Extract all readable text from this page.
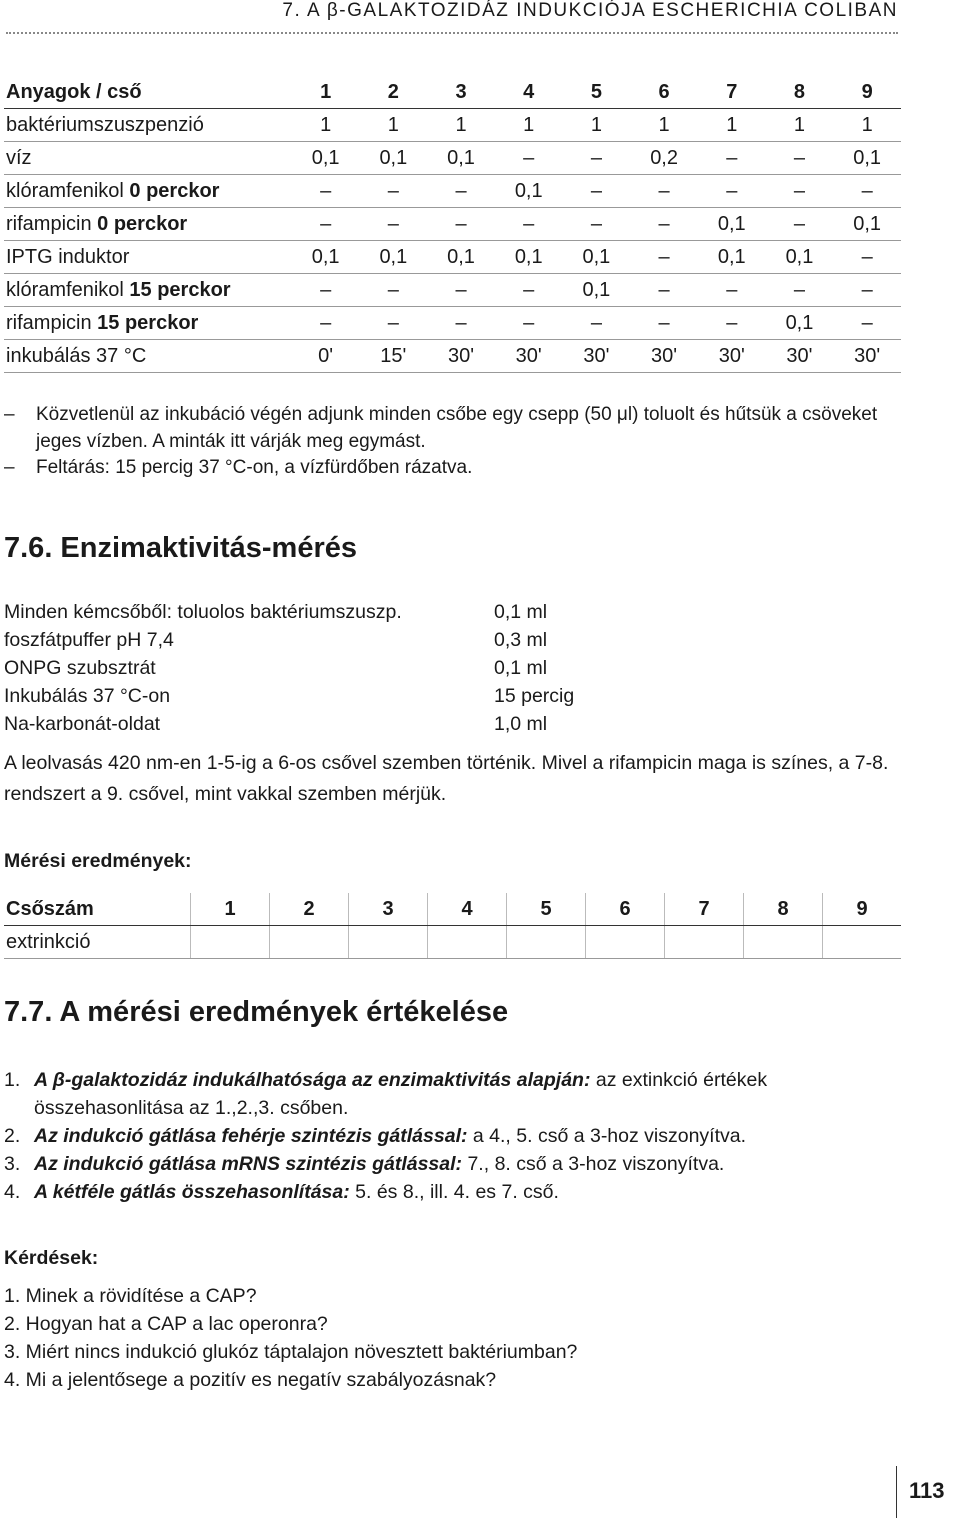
7. A β-GALAKTOZIDÁZ INDUKCIÓJA ESCHERICHIA COLIBAN
Anyagok / cső	1	2	3	4	5	6	7	8	9
baktériumszuszpenzió	1	1	1	1	1	1	1	1	1
víz	0,1	0,1	0,1	–	–	0,2	–	–	0,1
klóramfenikol 0 perckor	–	–	–	0,1	–	–	–	–	–
rifampicin 0 perckor	–	–	–	–	–	–	0,1	–	0,1
IPTG induktor	0,1	0,1	0,1	0,1	0,1	–	0,1	0,1	–
klóramfenikol 15 perckor	–	–	–	–	0,1	–	–	–	–
rifampicin 15 perckor	–	–	–	–	–	–	–	0,1	–
inkubálás 37 °C	0'	15'	30'	30'	30'	30'	30'	30'	30'
– Közvetlenül az inkubáció végén adjunk minden csőbe egy csepp (50 μl) toluolt és hűtsük a csöveket jeges vízben. A minták itt várják meg egymást.
– Feltárás: 15 percig 37 °C-on, a vízfürdőben rázatva.
7.6. Enzimaktivitás-mérés
Minden kémcsőből: toluolos baktériumszuszp.	0,1 ml
foszfátpuffer pH 7,4	0,3 ml
ONPG szubsztrát	0,1 ml
Inkubálás 37 °C-on	15 percig
Na-karbonát-oldat	1,0 ml
A leolvasás 420 nm-en 1-5-ig a 6-os csővel szemben történik. Mivel a rifampicin maga is színes, a 7-8. rendszert a 9. csővel, mint vakkal szemben mérjük.
Mérési eredmények:
Csőszám	1	2	3	4	5	6	7	8	9
extrinkció									
7.7. A mérési eredmények értékelése
1. A β-galaktozidáz indukálhatósága az enzimaktivitás alapján: az extinkció értékek összehasonlitása az 1.,2.,3. csőben.
2. Az indukció gátlása fehérje szintézis gátlással: a 4., 5. cső a 3-hoz viszonyítva.
3. Az indukció gátlása mRNS szintézis gátlással: 7., 8. cső a 3-hoz viszonyítva.
4. A kétféle gátlás összehasonlítása: 5. és 8., ill. 4. es 7. cső.
Kérdések:
1. Minek a rövidítése a CAP?
2. Hogyan hat a CAP a lac operonra?
3. Miért nincs indukció glukóz táptalajon növesztett baktériumban?
4. Mi a jelentősege a pozitív es negatív szabályozásnak?
113
